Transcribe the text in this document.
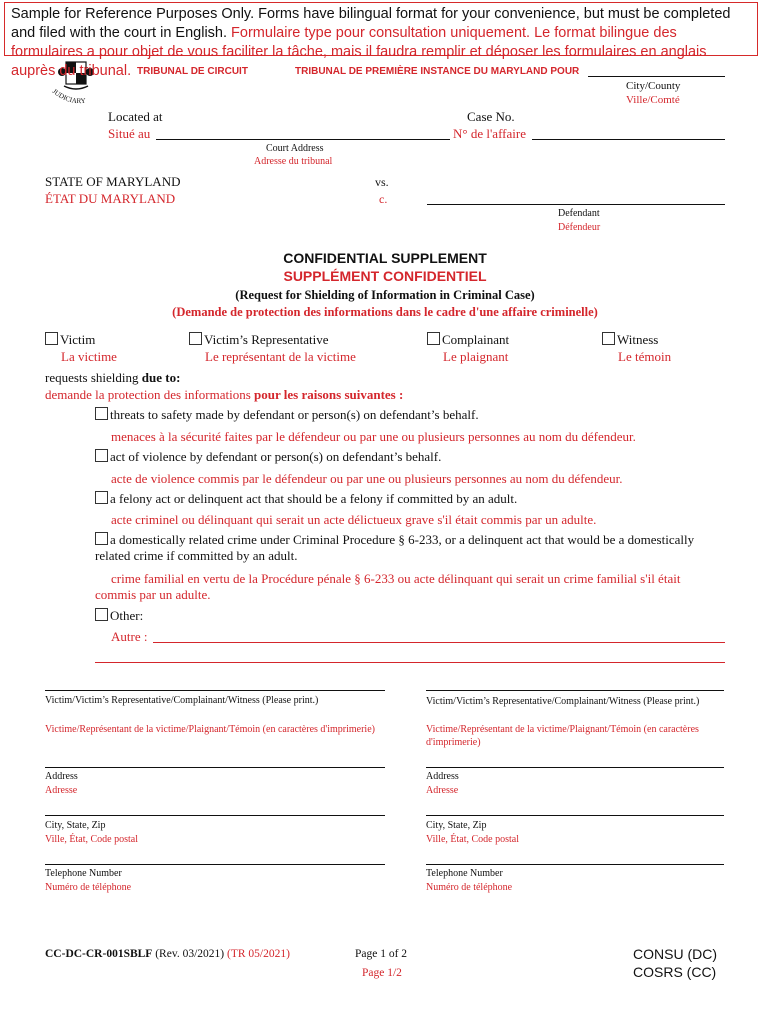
Sample for Reference Purposes Only. Forms have bilingual format for your convenience, but must be completed and filed with the court in English. Formulaire type pour consultation uniquement. Le format bilingue des formulaires a pour objet de vous faciliter la tâche, mais il faudra remplir et déposer les formulaires en anglais auprès du tribunal.
JUDICIARY
TRIBUNAL DE CIRCUIT	TRIBUNAL DE PREMIÈRE INSTANCE DU MARYLAND POUR
City/County
Ville/Comté
Located at
Situé au
Court Address
Adresse du tribunal
Case No.
N° de l'affaire
STATE OF MARYLAND
ÉTAT DU MARYLAND
vs.
c.
Defendant
Défendeur
CONFIDENTIAL SUPPLEMENT
SUPPLÉMENT CONFIDENTIEL
(Request for Shielding of Information in Criminal Case)
(Demande de protection des informations dans le cadre d'une affaire criminelle)
Victim
La victime
Victim’s Representative
Le représentant de la victime
Complainant
Le plaignant
Witness
Le témoin
requests shielding due to:
demande la protection des informations pour les raisons suivantes :
threats to safety made by defendant or person(s) on defendant’s behalf.
menaces à la sécurité faites par le défendeur ou par une ou plusieurs personnes au nom du défendeur.
act of violence by defendant or person(s) on defendant’s behalf.
acte de violence commis par le défendeur ou par une ou plusieurs personnes au nom du défendeur.
a felony act or delinquent act that should be a felony if committed by an adult.
acte criminel ou délinquant qui serait un acte délictueux grave s'il était commis par un adulte.
a domestically related crime under Criminal Procedure § 6-233, or a delinquent act that would be a domestically related crime if committed by an adult.
crime familial en vertu de la Procédure pénale § 6-233 ou acte délinquant qui serait un crime familial s'il était commis par un adulte.
Other:
Autre :
Victim/Victim’s Representative/Complainant/Witness (Please print.)
Victime/Représentant de la victime/Plaignant/Témoin (en caractères d'imprimerie)
Address
Adresse
City, State, Zip
Ville, État, Code postal
Telephone Number
Numéro de téléphone
Victim/Victim’s Representative/Complainant/Witness (Please print.)
Victime/Représentant de la victime/Plaignant/Témoin (en caractères d'imprimerie)
Address
Adresse
City, State, Zip
Ville, État, Code postal
Telephone Number
Numéro de téléphone
CC-DC-CR-001SBLF (Rev. 03/2021) (TR 05/2021)	Page 1 of 2
Page 1/2
CONSU (DC)
COSRS (CC)
